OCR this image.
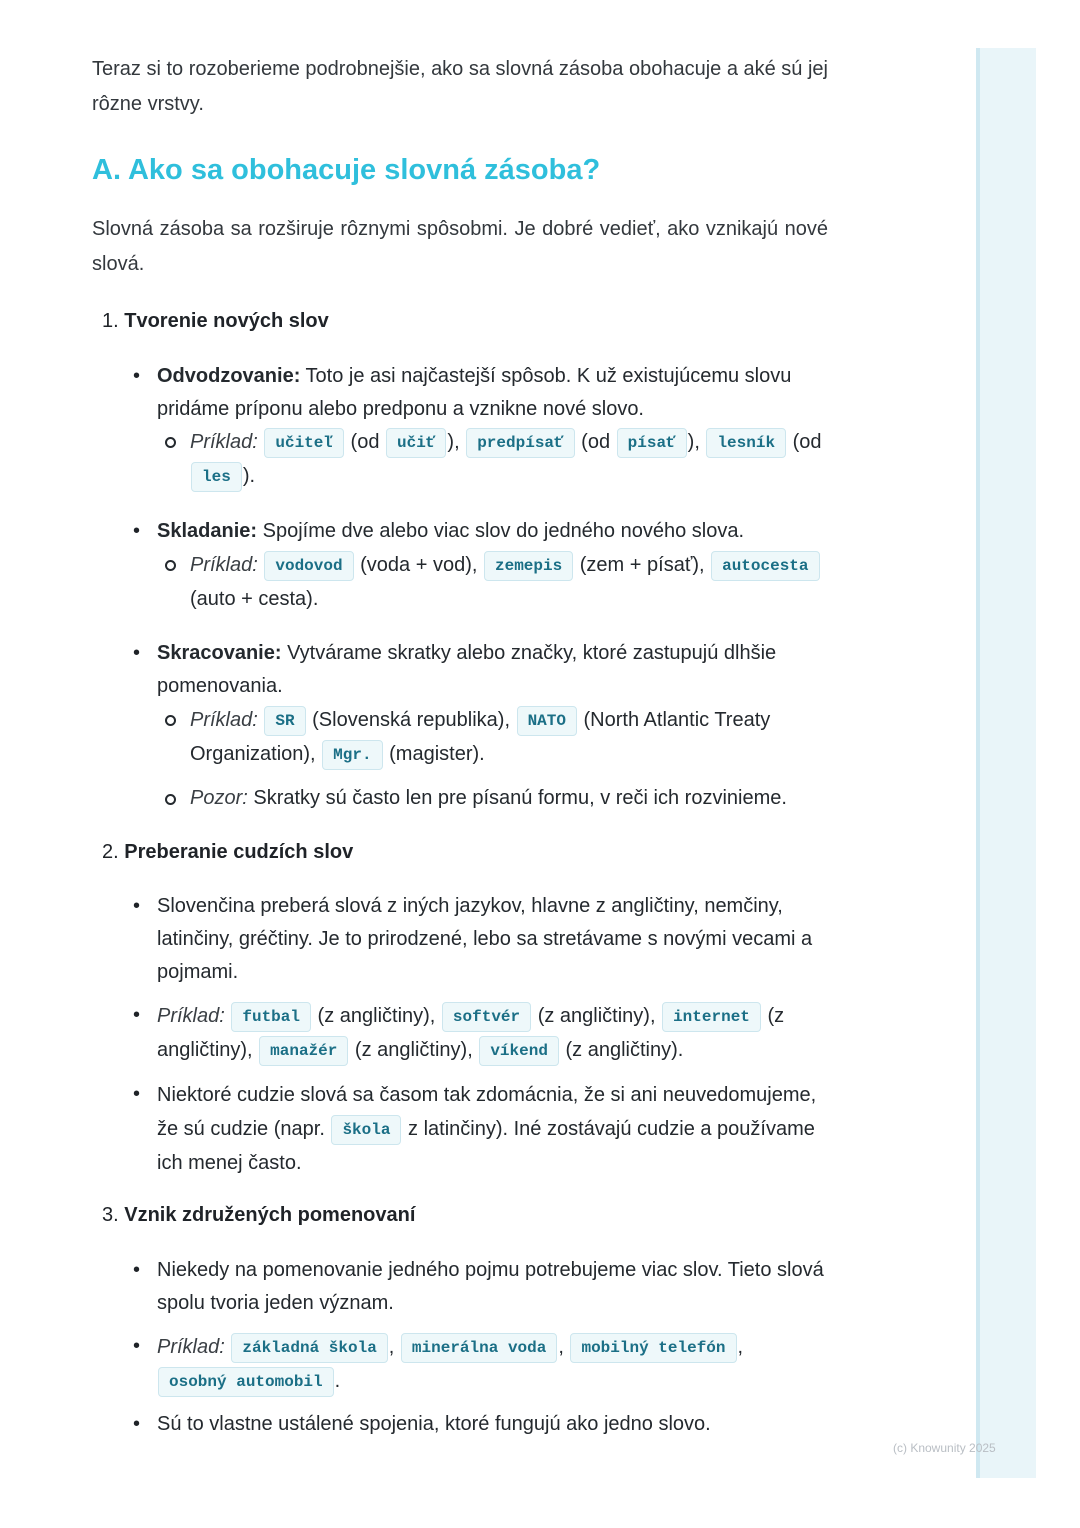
(c) Knowunity 2025

Teraz si to rozoberieme podrobnejšie, ako sa slovná zásoba obohacuje a aké sú jej rôzne vrstvy.

A. Ako sa obohacuje slovná zásoba?

Slovná zásoba sa rozširuje rôznymi spôsobmi. Je dobré vedieť, ako vznikajú nové slová.

1. Tvorenie nových slov
• Odvodzovanie: Toto je asi najčastejší spôsob. K už existujúcemu slovu pridáme príponu alebo predponu a vznikne nové slovo.
Príklad: učiteľ (od učiť ), predpísať (od písať ), lesník (od les ).
• Skladanie: Spojíme dve alebo viac slov do jedného nového slova.
Príklad: vodovod (voda + vod), zemepis (zem + písať), autocesta (auto + cesta).
• Skracovanie: Vytvárame skratky alebo značky, ktoré zastupujú dlhšie pomenovania.
Príklad: SR (Slovenská republika), NATO (North Atlantic Treaty Organization), Mgr. (magister).
Pozor: Skratky sú často len pre písanú formu, v reči ich rozvinieme.
2. Preberanie cudzích slov
• Slovenčina preberá slová z iných jazykov, hlavne z angličtiny, nemčiny, latinčiny, gréčtiny. Je to prirodzené, lebo sa stretávame s novými vecami a pojmami.
• Príklad: futbal (z angličtiny), softvér (z angličtiny), internet (z angličtiny), manažér (z angličtiny), víkend (z angličtiny).
• Niektoré cudzie slová sa časom tak zdomácnia, že si ani neuvedomujeme, že sú cudzie (napr. škola z latinčiny). Iné zostávajú cudzie a používame ich menej často.
3. Vznik združených pomenovaní
• Niekedy na pomenovanie jedného pojmu potrebujeme viac slov. Tieto slová spolu tvoria jeden význam.
• Príklad: základná škola , minerálna voda , mobilný telefón , osobný automobil .
• Sú to vlastne ustálené spojenia, ktoré fungujú ako jedno slovo.
